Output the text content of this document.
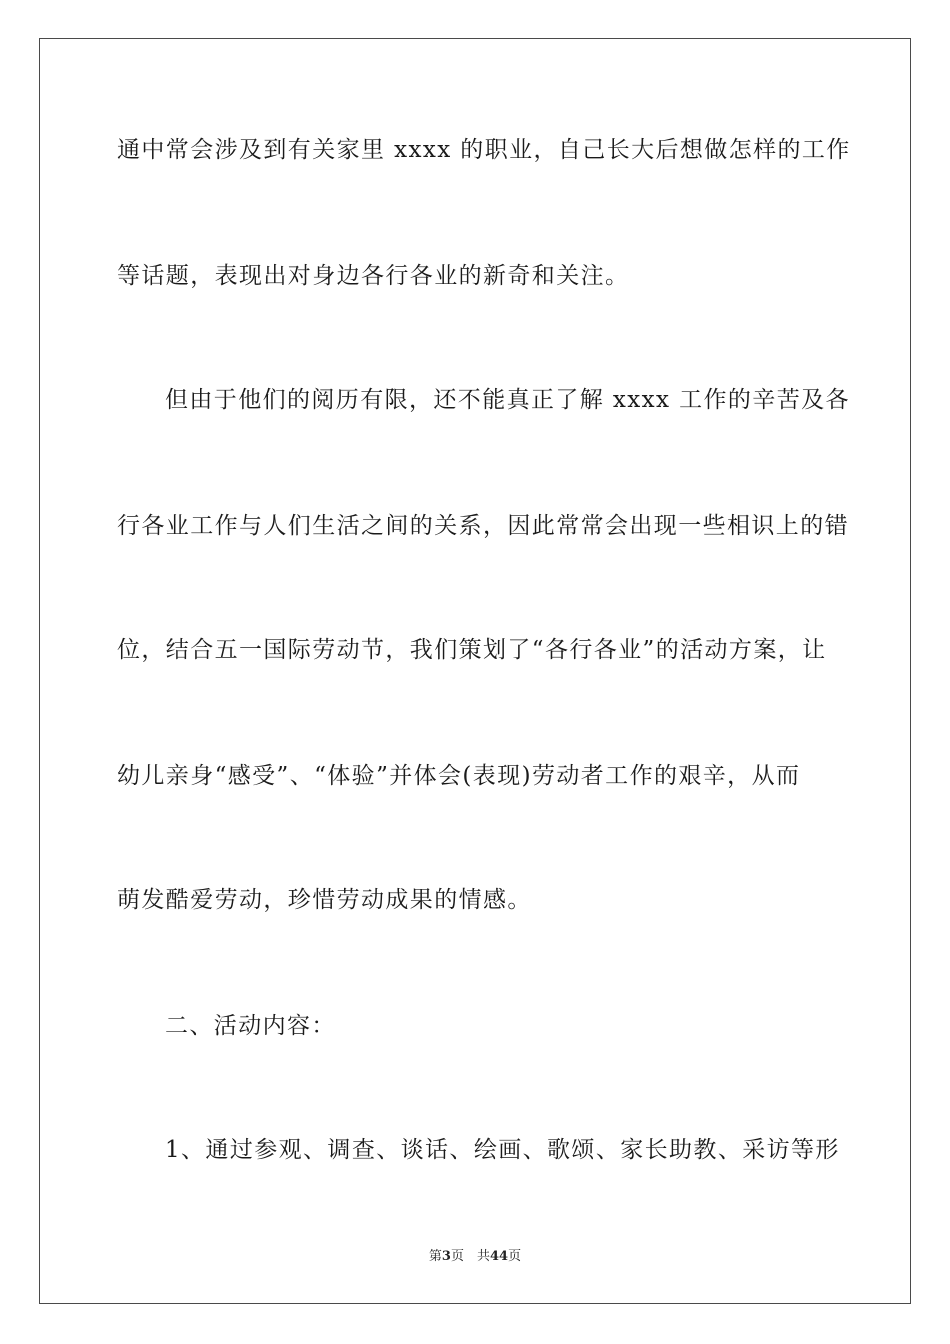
通中常会涉及到有关家里 xxxx 的职业，自己长大后想做怎样的工作
等话题，表现出对身边各行各业的新奇和关注。
但由于他们的阅历有限，还不能真正了解 xxxx 工作的辛苦及各
行各业工作与人们生活之间的关系，因此常常会出现一些相识上的错
位，结合五一国际劳动节，我们策划了“各行各业”的活动方案，让
幼儿亲身“感受”、“体验”并体会(表现)劳动者工作的艰辛，从而
萌发酷爱劳动，珍惜劳动成果的情感。
二、活动内容：
1、通过参观、调查、谈话、绘画、歌颂、家长助教、采访等形
第3页　共44页
